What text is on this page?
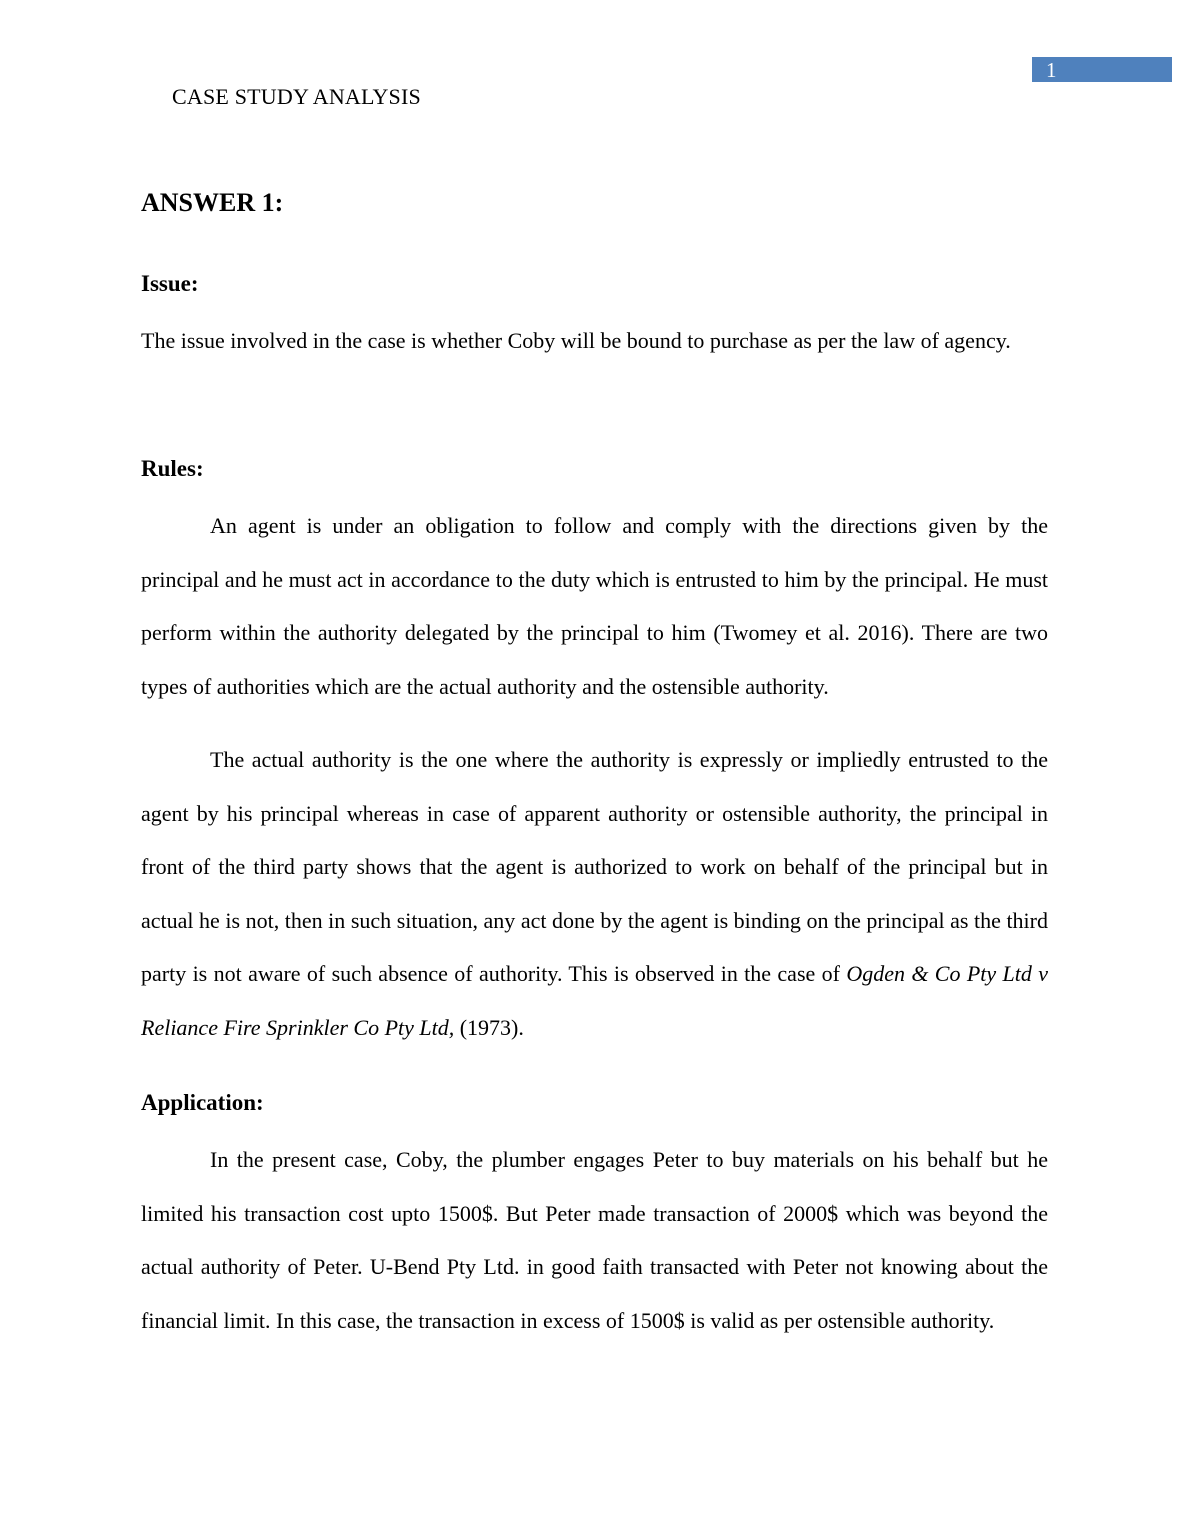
1
CASE STUDY ANALYSIS
ANSWER 1:
Issue:

The issue involved in the case is whether Coby will be bound to purchase as per the law of agency.

Rules:

An agent is under an obligation to follow and comply with the directions given by the principal and he must act in accordance to the duty which is entrusted to him by the principal. He must perform within the authority delegated by the principal to him (Twomey et al. 2016). There are two types of authorities which are the actual authority and the ostensible authority.

The actual authority is the one where the authority is expressly or impliedly entrusted to the agent by his principal whereas in case of apparent authority or ostensible authority, the principal in front of the third party shows that the agent is authorized to work on behalf of the principal but in actual he is not, then in such situation, any act done by the agent is binding on the principal as the third party is not aware of such absence of authority. This is observed in the case of Ogden & Co Pty Ltd v Reliance Fire Sprinkler Co Pty Ltd, (1973).

Application:

In the present case, Coby, the plumber engages Peter to buy materials on his behalf but he limited his transaction cost upto 1500$. But Peter made transaction of 2000$ which was beyond the actual authority of Peter. U-Bend Pty Ltd. in good faith transacted with Peter not knowing about the financial limit. In this case, the transaction in excess of 1500$ is valid as per ostensible authority.
